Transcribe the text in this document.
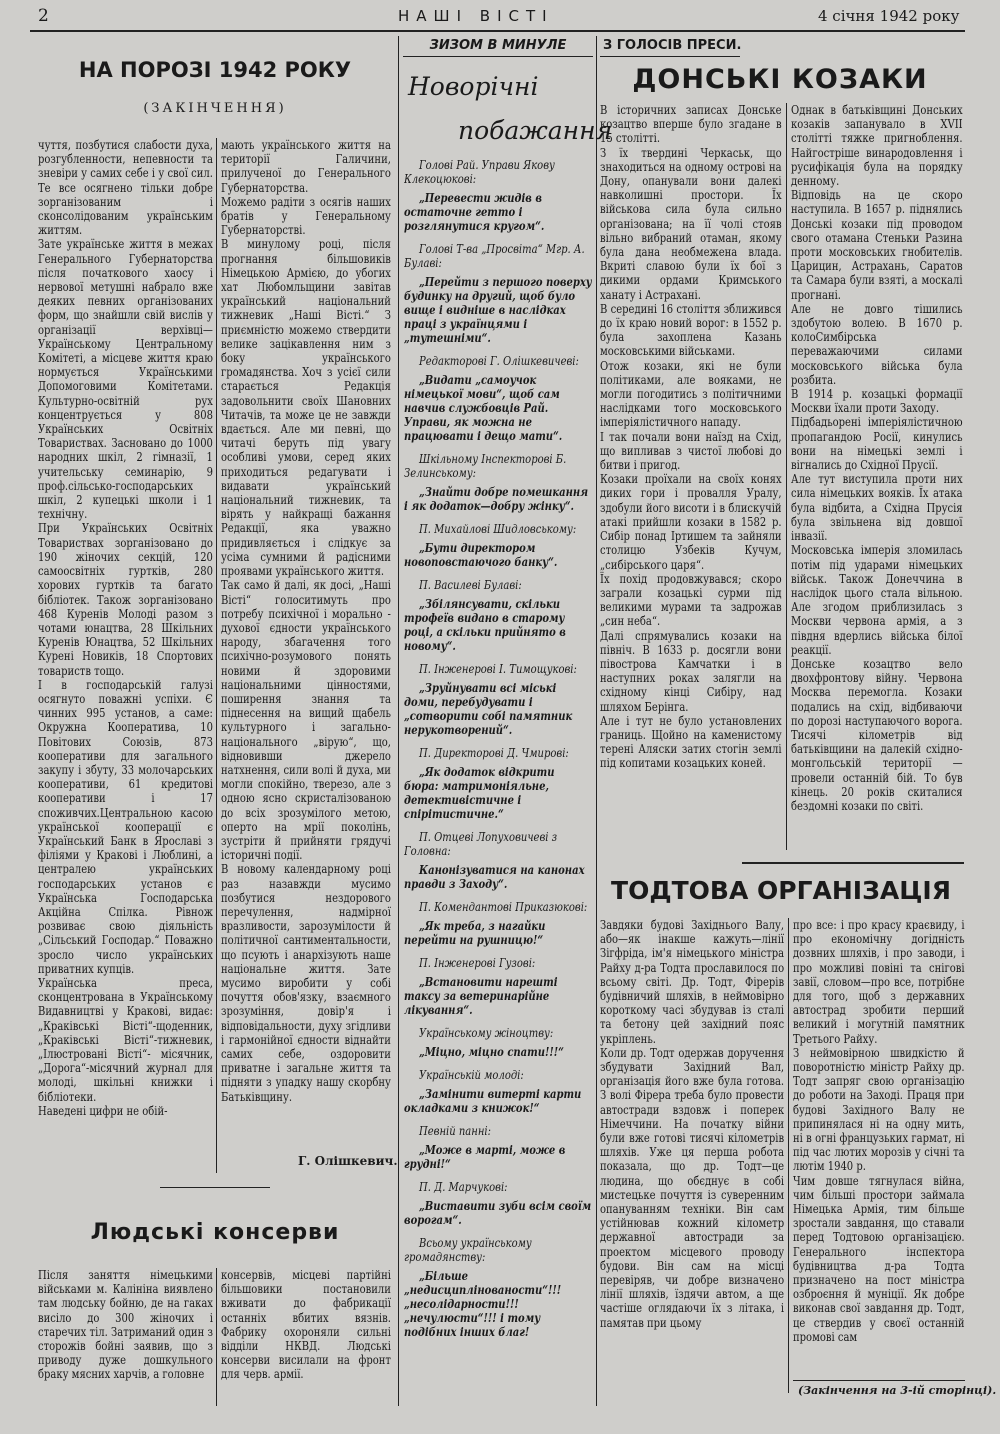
2	НАШІ ВІСТІ	4 січня 1942 року
НА ПОРОЗІ 1942 РОКУ
(ЗАКІНЧЕННЯ)
чуття, позбутися слабости духа, розгубленности, непевности та зневіри у самих себе і у свої сил. Те все осягнено тільки добре зорганізованим і сконсолідованим українським життям.
Зате українське життя в межах Генерального Губернаторства після початкового хаосу і нервової метушні набрало вже деяких певних організованих форм, що знайшли свій вислів у організації верхівці—Українському Центральному Комітеті, а місцеве життя краю нормується Українськими Допомоговими Комітетами. Культурно-освітній рух концентрується у 808 Українських Освітніх Товариствах. Засновано до 1000 народних шкіл, 2 гімназії, 1 учительську семинарію, 9 проф.сільсько-господарських шкіл, 2 купецькі школи і 1 технічну.
При Українських Освітніх Товариствах зорганізовано до 190 жіночих секцій, 120 самоосвітніх гуртків, 280 хорових гуртків та багато бібліотек. Також зорганізовано 468 Куренів Молоді разом з чотами юнацтва, 28 Шкільних Куренів Юнацтва, 52 Шкільних Курені Новиків, 18 Спортових товариств тощо.
І в господарській галузі осягнуто поважні успіхи. Є чинних 995 установ, а саме: Окружна Кооператива, 10 Повітових Союзів, 873 кооперативи для загального закупу і збуту, 33 молочарських кооперативи, 61 кредитові кооперативи і 17 споживчих.Центральною касою української кооперації є Український Банк в Ярославі з філіями у Кракові і Люблині, а централею українських господарських установ є Українська Господарська Акційна Спілка. Рівнож розвиває свою діяльність „Сільський Господар.“ Поважно зросло число українських приватних купців.
Українська преса, сконцентрована в Українському Видавництві у Кракові, видає:„Краківські Вісті“-щоденник, „Краківські Вісті“-тижневик, „Ілюстровані Вісті“- місячник, „Дорога“-місячний журнал для молоді, шкільні книжки і бібліотеки.
Наведені цифри не обій-
мають українського життя на території Галичини, прилученої до Генерального Губернаторства.
Можемо радіти з осягів наших братів у Генеральному Губернаторстві.
В минулому році, після прогнання більшовиків Німецькою Армією, до убогих хат Любомльщини завітав український національний тижневик „Наші Вісті.“ З приємністю можемо ствердити велике зацікавлення ним з боку українського громадянства. Хоч з усієї сили старається Редакція задовольнити своїх Шановних Читачів, та може це не завжди вдається. Але ми певні, що читачі беруть під увагу особливі умови, серед яких приходиться редагувати і видавати український національний тижневик, та вірять у найкращі бажання Редакції, яка уважно придивляється і слідкує за усіма сумними й радісними проявами українського життя.
Так само й далі, як досі, „Наші Вісті“ голоситимуть про потребу психічної і морально - духової єдности українського народу, збагачення того психічно-розумового понять новими й здоровими національними цінностями, поширення знання та піднесення на вищий щабель культурного і загально-національного „вірую“, що, відновивши джерело натхнення, сили волі й духа, ми могли спокійно, тверезо, але з одною ясно скристалізованою до всіх зрозумілого метою, оперто на мрії поколінь, зустріти й прийняти грядучі історичні події.
В новому календарному році раз назавжди мусимо позбутися нездорового перечулення, надмірної вразливости, зарозумілости й політичної сантиментальности, що псують і анархізують наше національне життя. Зате мусимо виробити у собі почуття обов'язку, взаємного зрозуміння, довір'я і відповідальности, духу згідливи і гармонійної єдности віднайти самих себе, оздоровити приватне і загальне життя та підняти з упадку нашу скорбну Батьківщину.
Г. Олішкевич.
Людські консерви
Після заняття німецькими військами м. Калініна виявлено там людську бойню, де на гаках висіло до 300 жіночих і старечих тіл. Затриманий один з сторожів бойні заявив, що з приводу дуже дошкульного браку мясних харчів, а головне
консервів, місцеві партійні більшовики постановили вживати до фабрикації останніх вбитих вязнів. Фабрику охороняли сильні відділи НКВД. Людські консерви висилали на фронт для черв. армії.
ЗИЗОМ В МИНУЛЕ
Новорічні
побажання
Голові Рай. Управи Якову Клекоцюкові:
„Перевести жидів в остаточне гетто і розглянутися кругом“.
Голові Т-ва „Просвіта“ Мгр. А. Булаві:
„Перейти з першого поверху будинку на другий, щоб було вище і видніше в наслідках праці з українцями і „тутешніми“.
Редакторові Г. Олішкевичеві:
„Видати „самоучок німецької мови“, щоб сам навчив службовців Рай. Управи, як можна не працювати і дещо мати“.
Шкільному Інспекторові Б. Зелинському:
„Знайти добре помешкання і як додаток—добру жінку“.
П. Михайлові Шидловському:
„Бути директором новоповстаючого банку“.
П. Василеві Булаві:
„Збілянсувати, скільки трофеїв видано в старому році, а скільки прийнято в новому“.
П. Інженерові І. Тимощукові:
„Зруйнувати всі міські доми, перебудувати і „сотворити собі памятник нерукотворений“.
П. Директорові Д. Чмирові:
„Як додаток відкрити бюра: матримоніяльне, детективістичне і спірітистичне.“
П. Отцеві Лопуховичеві з Головна:
Канонізуватися на канонах правди з Заходу“.
П. Комендантові Приказюкові:
„Як треба, з нагайки перейти на рушницю!“
П. Інженерові Гузові:
„Встановити нарешті таксу за ветеринарійне лікування“.
Українському жіноцтву:
„Міцно, міцно спати!!!“
Українській молоді:
„Замінити витерті карти окладками з книжок!“
Певній панні:
„Може в марті, може в грудні!“
П. Д. Марчукові:
„Виставити зуби всім своїм ворогам“.
Всьому українському громадянству:
„Більше „недисциплінованости“!!! „несолідарности!!! „нечулюсти“!!! і тому подібних інших благ!
З ГОЛОСІВ ПРЕСИ.
ДОНСЬКІ КОЗАКИ
В історичних записах Донське козацтво вперше було згадане в 15 столітті.
З їх твердині Черкаськ, що знаходиться на одному острові на Дону, опанували вони далекі навколишні простори. Їх військова сила була сильно організована; на її чолі стояв вільно вибраний отаман, якому була дана необмежена влада. Вкриті славою були їх бої з дикими ордами Кримського ханату і Астрахані.
В середині 16 століття зближився до їх краю новий ворог: в 1552 р. була захоплена Казань московськими військами.
Отож козаки, які не були політиками, але вояками, не могли погодитись з політичними наслідками того московського імперіялістичного нападу.
І так почали вони наїзд на Схід, що випливав з чистої любові до битви і пригод.
Козаки проїхали на своїх конях диких гори і провалля Уралу, здобули його висоти і в блискучій атакі прийшли козаки в 1582 р. Сибір понад Іртишем та зайняли столицю Узбеків Кучум, „сибірського царя“.
Їх похід продовжувався; скоро заграли козацькі сурми під великими мурами та задрожав „син неба“.
Далі спрямувались козаки на північ. В 1633 р. досягли вони півострова Камчатки і в наступних роках залягли на східному кінці Сибіру, над шляхом Берінга.
Але і тут не було установлених границь. Щойно на каменистому терені Аляски затих стогін землі під копитами козацьких коней.
Однак в батьківщині Донських козаків запанувало в XVII столітті тяжке пригноблення. Найгостріше винародовлення і русифікація була на порядку денному.
Відповідь на це скоро наступила. В 1657 р. піднялись Донські козаки під проводом свого отамана Стеньки Разина проти московських гнобителів. Царицин, Астрахань, Саратов та Самара були взяті, а москалі прогнані.
Але не довго тішились здобутою волею. В 1670 р. колоСимбірська переважаючими силами московського війська була розбита.
В 1914 р. козацькі формації Москви їхали проти Заходу.
Підбадьорені імперіялістичною пропагандою Росії, кинулись вони на німецькі землі і вігнались до Східної Прусії.
Але тут виступила проти них сила німецьких вояків. Їх атака була відбита, а Східна Прусія була звільнена від довшої інвазії.
Московська імперія зломилась потім під ударами німецьких військ. Також Донеччина в наслідок цього стала вільною. Але згодом приблизилась з Москви червона армія, а з півдня вдерлись війська білої реакції.
Донське козацтво вело двохфронтову війну. Червона Москва перемогла. Козаки подались на схід, відбиваючи по дорозі наступаючого ворога. Тисячі кілометрів від батьківщини на далекій східно-монгольській території — провели останній бій. То був кінець. 20 років скиталися бездомні козаки по світі.
ТОДТОВА ОРГАНІЗАЦІЯ
Завдяки будові Західнього Валу, або—як інакше кажуть—лінії Зігфріда, ім'я німецького міністра Райху д-ра Тодта прославилося по всьому світі. Др. Тодт, Фірерів будівничий шляхів, в неймовірно короткому часі збудував із сталі та бетону цей західний пояс укріплень.
Коли др. Тодт одержав доручення збудувати Західний Вал, організація його вже була готова. З волі Фірера треба було провести автостради вздовж і поперек Німеччини. На початку війни були вже готові тисячі кілометрів шляхів. Уже ця перша робота показала, що др. Тодт—це людина, що обєднує в собі мистецьке почуття із суверенним опануванням техніки. Він сам устійнював кожний кілометр державної автостради за проектом місцевого проводу будови. Він сам на місці перевіряв, чи добре визначено лінії шляхів, їздячи автом, а ще частіше оглядаючи їх з літака, і памятав при цьому
про все: і про красу краєвиду, і про економічну догідність дозвних шляхів, і про заводи, і про можливі повіні та снігові завії, словом—про все, потрібне для того, щоб з державних автострад зробити перший великий і могутній памятник Третього Райху.
З неймовірною швидкістю й поворотністю міністр Райху др. Тодт запряг свою організацію до роботи на Заході. Праця при будові Західного Валу не припинялася ні на одну мить, ні в огні французьких гармат, ні під час лютих морозів у січні та лютім 1940 р.
Чим довше тягнулася війна, чим більші простори займала Німецька Армія, тим більше зростали завдання, що ставали перед Тодтовою організацією. Генерального інспектора будівництва д-ра Тодта призначено на пост міністра озброєння й муніції. Як добре виконав свої завдання др. Тодт, це ствердив у своєї останній промові сам
(Закінчення на 3-ій сторінці).
